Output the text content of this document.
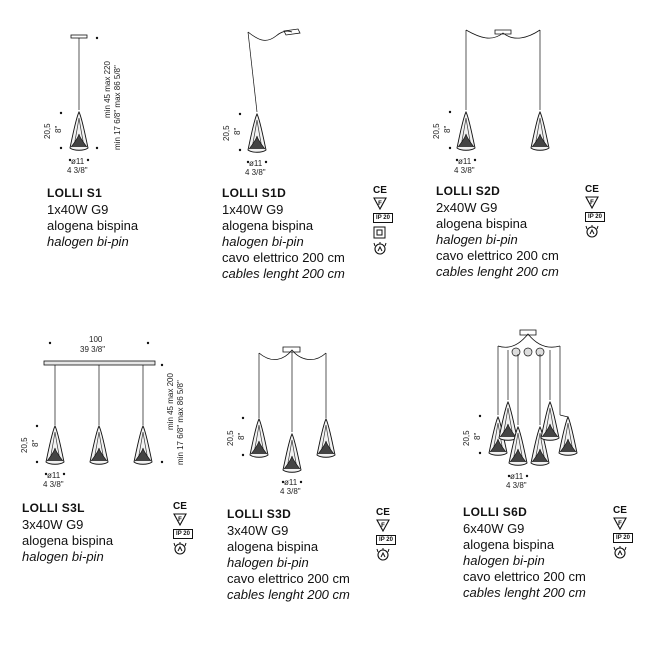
20,5 8"
min 45 max 220 min 17 6/8" max 86 5/8"
ø11
4 3/8"
20,5 8"
ø11
4 3/8"
20,5 8"
ø11
4 3/8"
100
39 3/8"
20,5 8"
min 45 max 200 min 17 6/8" max 86 5/8"
ø11
4 3/8"
20,5 8"
ø11
4 3/8"
20,5 8"
ø11
4 3/8"
LOLLI S1
1x40W G9
alogena bispina
halogen bi-pin
LOLLI S1D
1x40W G9
alogena bispina
halogen bi-pin
cavo elettrico 200 cm
cables lenght 200 cm
LOLLI S2D
2x40W G9
alogena bispina
halogen bi-pin
cavo elettrico 200 cm
cables lenght 200 cm
LOLLI S3L
3x40W G9
alogena bispina
halogen bi-pin
LOLLI S3D
3x40W G9
alogena bispina
halogen bi-pin
cavo elettrico 200 cm
cables lenght 200 cm
LOLLI S6D
6x40W G9
alogena bispina
halogen bi-pin
cavo elettrico 200 cm
cables lenght 200 cm
CE
F
IP 20
CE
F
IP 20
CE
F
IP 20
CE
F
IP 20
CE
F
IP 20
